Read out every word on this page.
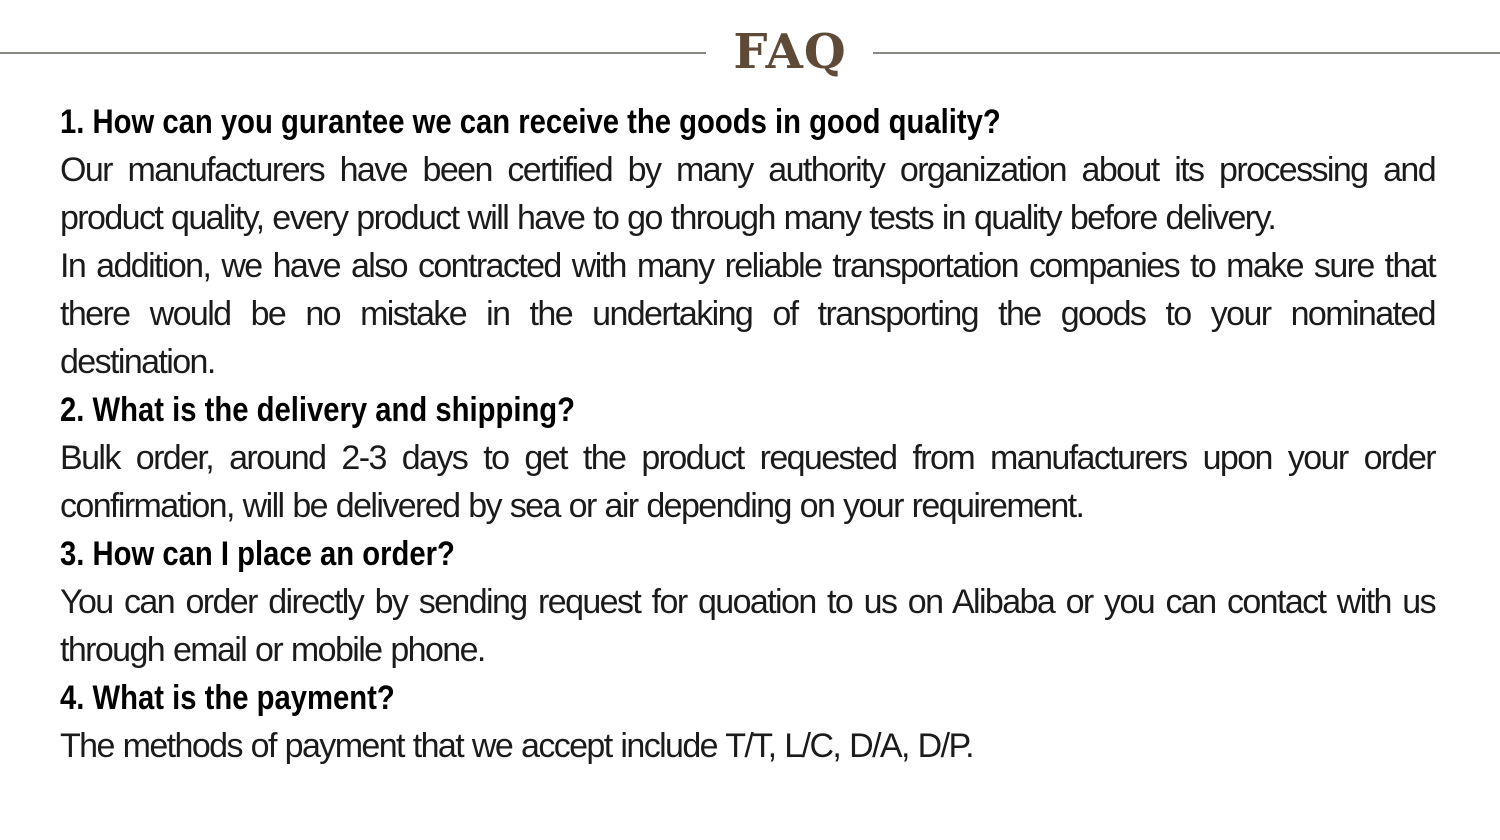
FAQ

1. How can you gurantee we can receive the goods in good quality?

Our manufacturers have been certified by many authority organization about its processing and product quality, every product will have to go through many tests in quality before delivery.

In addition, we have also contracted with many reliable transportation companies to make sure that there would be no mistake in the undertaking of transporting the goods to your nominated destination.

2. What is the delivery and shipping?

Bulk order, around 2-3 days to get the product requested from manufacturers upon your order confirmation, will be delivered by sea or air depending on your requirement.

3. How can I place an order?

You can order directly by sending request for quoation to us on Alibaba or you can contact with us through email or mobile phone.

4. What is the payment?

The methods of payment that we accept include T/T, L/C, D/A, D/P.
